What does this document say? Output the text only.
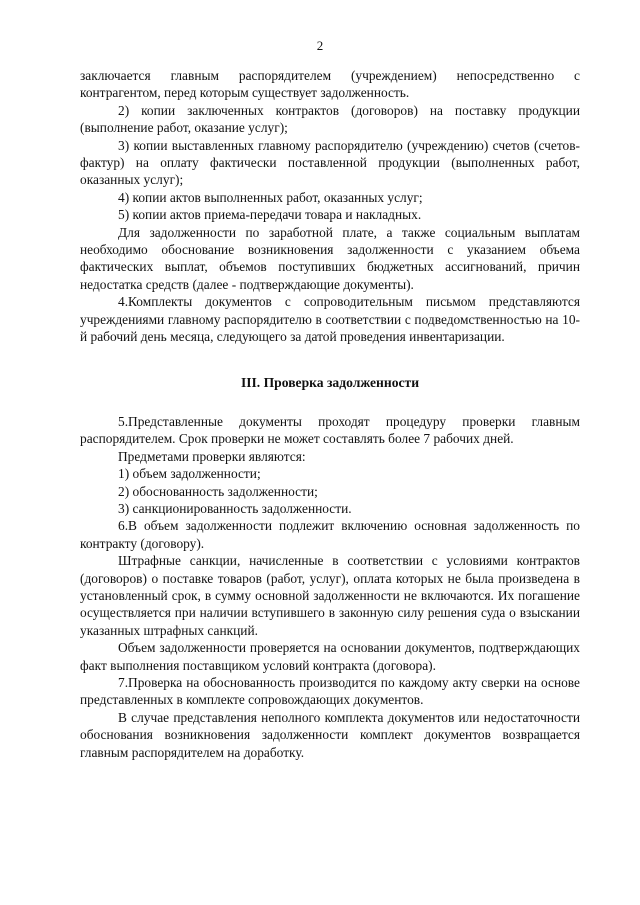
2

заключается главным распорядителем (учреждением) непосредственно с контрагентом, перед которым существует задолженность.

2) копии заключенных контрактов (договоров) на поставку продукции (выполнение работ, оказание услуг);

3) копии выставленных главному распорядителю (учреждению) счетов (счетов-фактур) на оплату фактически поставленной продукции (выполненных работ, оказанных услуг);

4) копии актов выполненных работ, оказанных услуг;

5) копии актов приема-передачи товара и накладных.

Для задолженности по заработной плате, а также социальным выплатам необходимо обоснование возникновения задолженности с указанием объема фактических выплат, объемов поступивших бюджетных ассигнований, причин недостатка средств (далее - подтверждающие документы).

4.Комплекты документов с сопроводительным письмом представляются учреждениями главному распорядителю в соответствии с подведомственностью на 10-й рабочий день месяца, следующего за датой проведения инвентаризации.

III. Проверка задолженности

5.Представленные документы проходят процедуру проверки главным распорядителем. Срок проверки не может составлять более 7 рабочих дней.

Предметами проверки являются:

1) объем задолженности;

2) обоснованность задолженности;

3) санкционированность задолженности.

6.В объем задолженности подлежит включению основная задолженность по контракту (договору).

Штрафные санкции, начисленные в соответствии с условиями контрактов (договоров) о поставке товаров (работ, услуг), оплата которых не была произведена в установленный срок, в сумму основной задолженности не включаются. Их погашение осуществляется при наличии вступившего в законную силу решения суда о взыскании указанных штрафных санкций.

Объем задолженности проверяется на основании документов, подтверждающих факт выполнения поставщиком условий контракта (договора).

7.Проверка на обоснованность производится по каждому акту сверки на основе представленных в комплекте сопровождающих документов.

В случае представления неполного комплекта документов или недостаточности обоснования возникновения задолженности комплект документов возвращается главным распорядителем на доработку.
